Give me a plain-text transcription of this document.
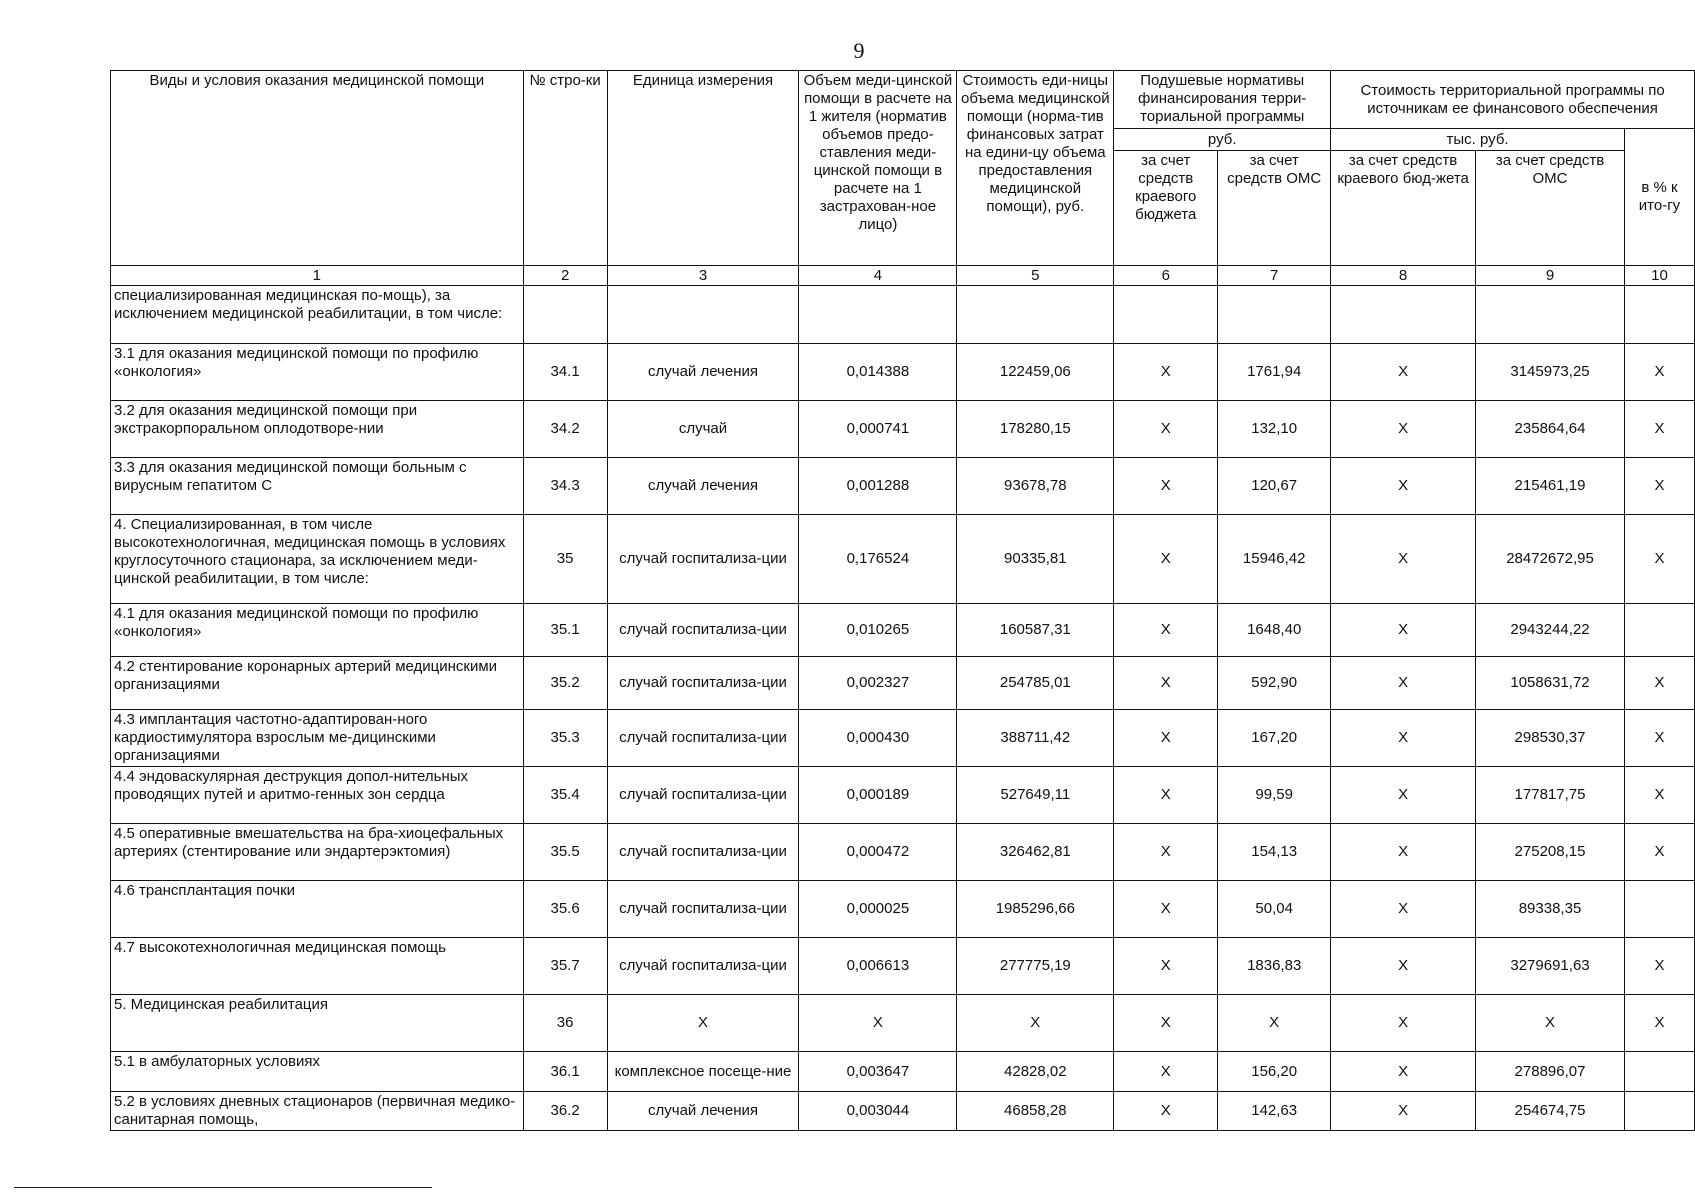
9
Виды и условия оказания медицинской помощи	№ стро-ки	Единица измерения	Объем меди-цинской помощи в расчете на 1 жителя (норматив объемов предо-ставления меди-цинской помощи в расчете на 1 застрахован-ное лицо)	Стоимость еди-ницы объема медицинской помощи (норма-тив финансовых затрат на едини-цу объема предоставления медицинской помощи), руб.	Подушевые нормативы финансирования терри-ториальной программы		Стоимость территориальной программы по источникам ее финансового обеспечения		
					руб.		тыс. руб.		в % к ито-гу
					за счет средств краевого бюджета	за счет средств ОМС	за счет средств краевого бюд-жета	за счет средств ОМС	
1	2	3	4	5	6	7	8	9	10
специализированная медицинская по-мощь), за исключением медицинской реабилитации, в том числе:									
3.1 для оказания медицинской помощи по профилю «онкология»	34.1	случай лечения	0,014388	122459,06	X	1761,94	X	3145973,25	X
3.2 для оказания медицинской помощи при экстракорпоральном оплодотворе-нии	34.2	случай	0,000741	178280,15	X	132,10	X	235864,64	X
3.3 для оказания медицинской помощи больным с вирусным гепатитом С	34.3	случай лечения	0,001288	93678,78	X	120,67	X	215461,19	X
4. Специализированная, в том числе высокотехнологичная, медицинская помощь в условиях круглосуточного стационара, за исключением меди-цинской реабилитации, в том числе:	35	случай госпитализа-ции	0,176524	90335,81	X	15946,42	X	28472672,95	X
4.1 для оказания медицинской помощи по профилю «онкология»	35.1	случай госпитализа-ции	0,010265	160587,31	X	1648,40	X	2943244,22	
4.2 стентирование коронарных артерий медицинскими организациями	35.2	случай госпитализа-ции	0,002327	254785,01	X	592,90	X	1058631,72	X
4.3 имплантация частотно-адаптирован-ного кардиостимулятора взрослым ме-дицинскими организациями	35.3	случай госпитализа-ции	0,000430	388711,42	X	167,20	X	298530,37	X
4.4 эндоваскулярная деструкция допол-нительных проводящих путей и аритмо-генных зон сердца	35.4	случай госпитализа-ции	0,000189	527649,11	X	99,59	X	177817,75	X
4.5 оперативные вмешательства на бра-хиоцефальных артериях (стентирование или эндартерэктомия)	35.5	случай госпитализа-ции	0,000472	326462,81	X	154,13	X	275208,15	X
4.6 трансплантация почки	35.6	случай госпитализа-ции	0,000025	1985296,66	X	50,04	X	89338,35	
4.7 высокотехнологичная медицинская помощь	35.7	случай госпитализа-ции	0,006613	277775,19	X	1836,83	X	3279691,63	X
5. Медицинская реабилитация	36	X	X	X	X	X	X	X	X
5.1 в амбулаторных условиях	36.1	комплексное посеще-ние	0,003647	42828,02	X	156,20	X	278896,07	
5.2 в условиях дневных стационаров (первичная медико-санитарная помощь,	36.2	случай лечения	0,003044	46858,28	X	142,63	X	254674,75	
